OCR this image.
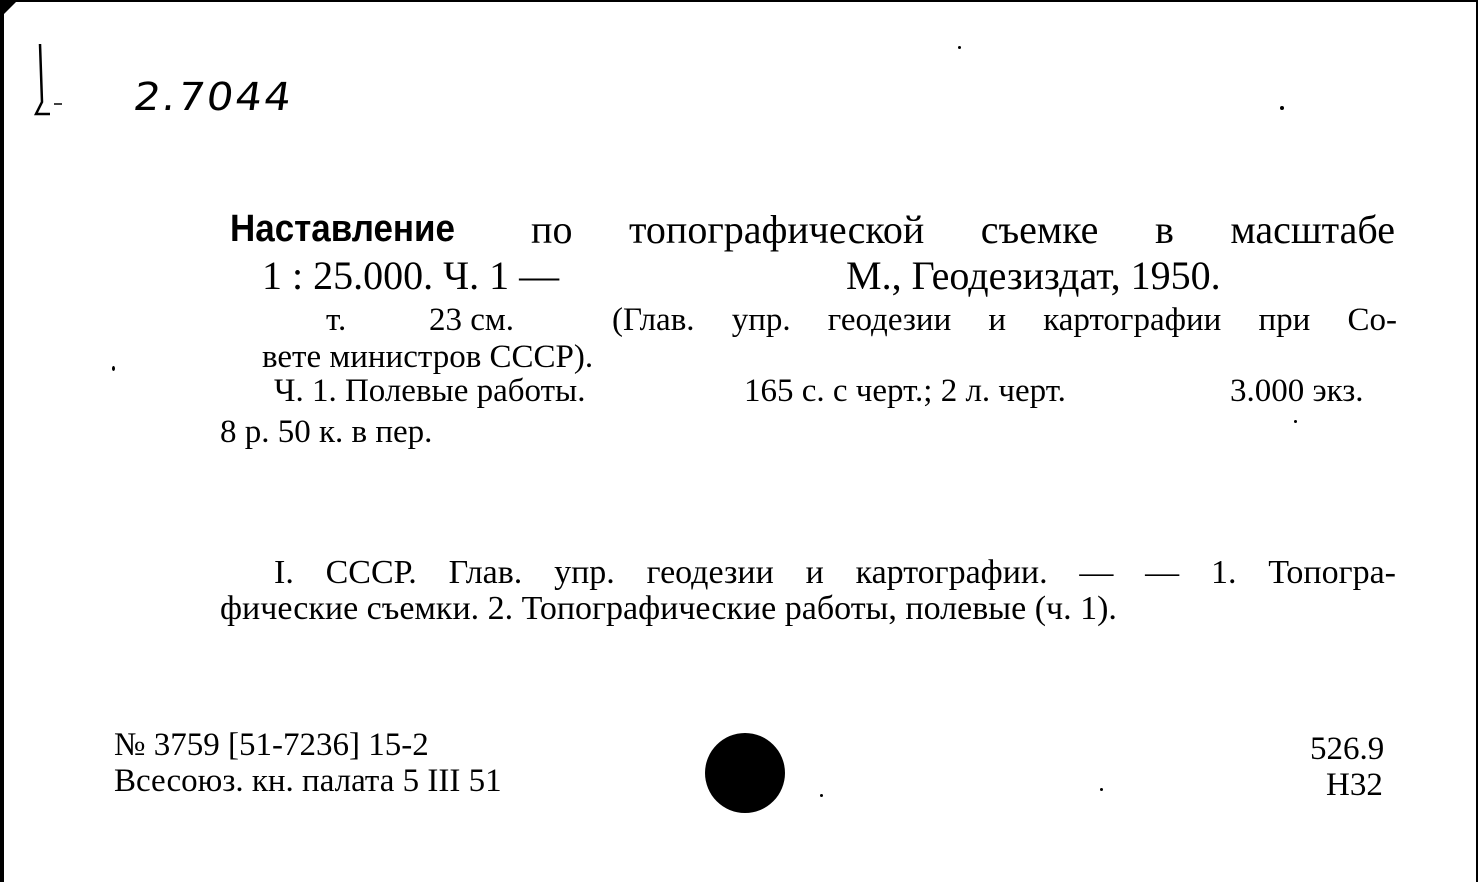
2.7044
Наставление по топографической съемке в масштабе
1 : 25.000. Ч. 1 —	М., Геодезиздат, 1950.
т.	23 см.	(Глав. упр. геодезии и картографии при Со-
вете министров СССР).
Ч. 1. Полевые работы.	165 с. с черт.; 2 л. черт.	3.000 экз.
8 р. 50 к. в пер.
I. СССР. Глав. упр. геодезии и картографии. — — 1. Топогра-
фические съемки. 2. Топографические работы, полевые (ч. 1).
№ 3759 [51-7236] 15-2
Всесоюз. кн. палата 5 III 51
526.9
Н32
